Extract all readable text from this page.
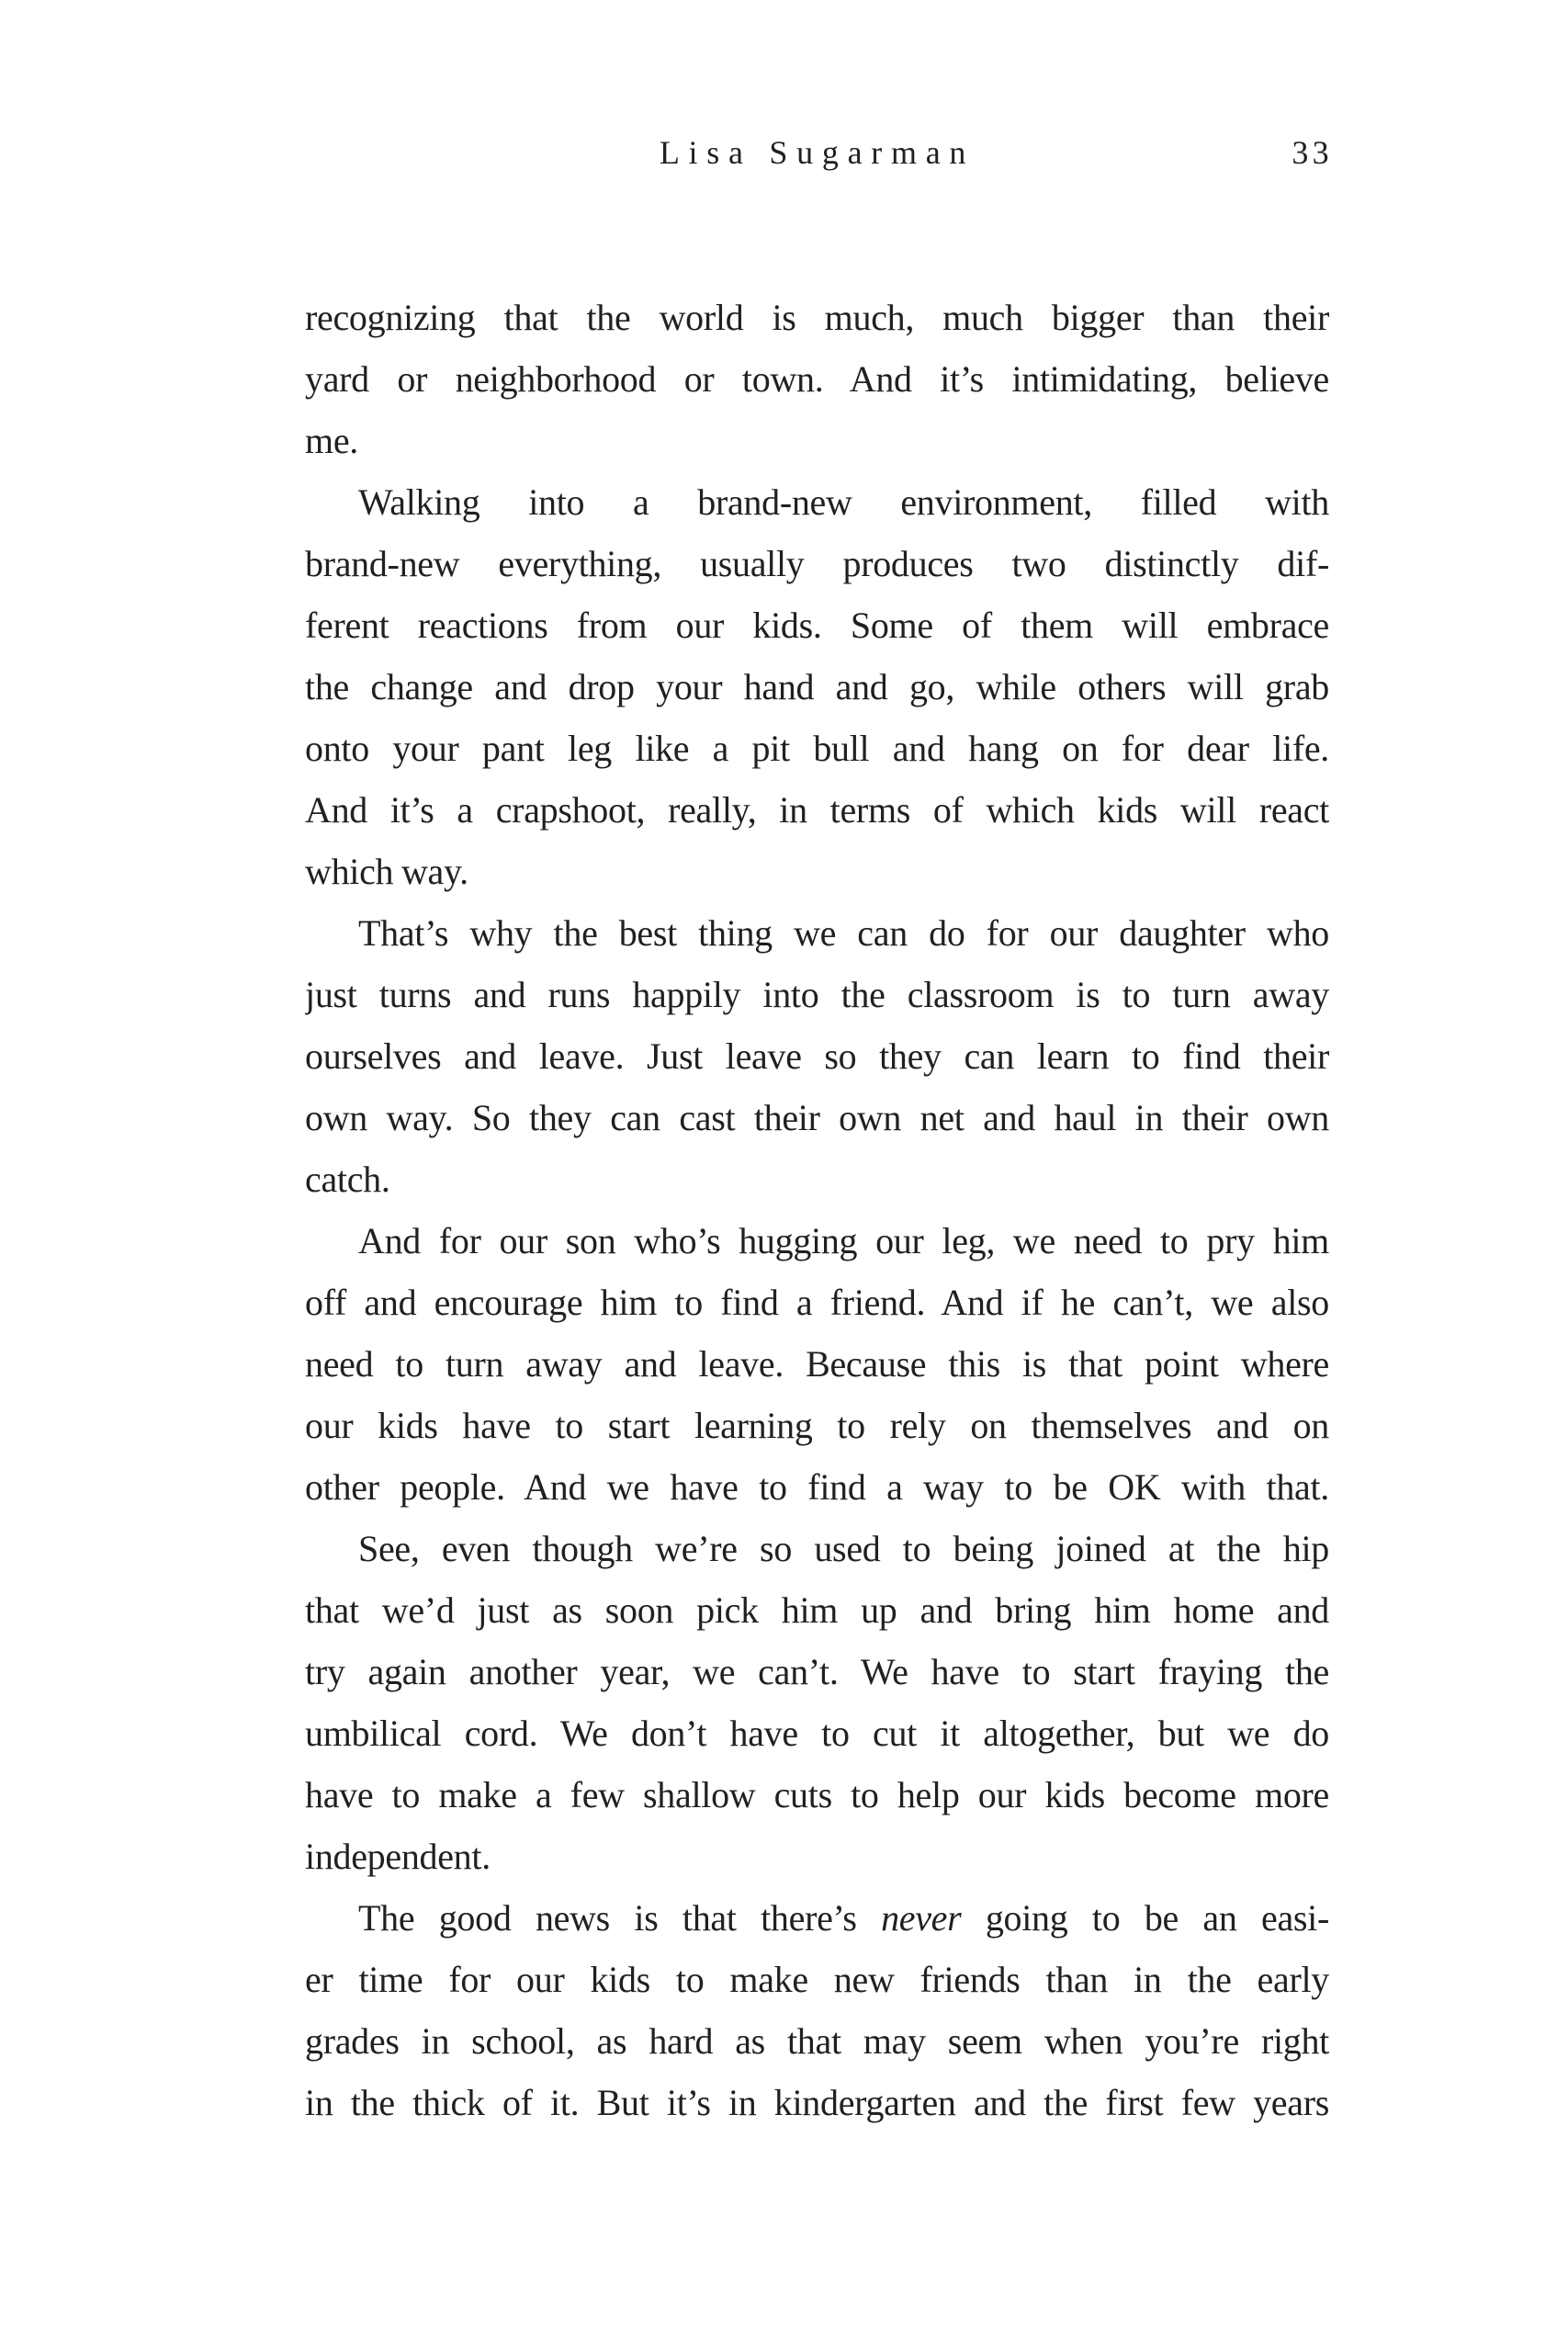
Lisa Sugarman	33
recognizing that the world is much, much bigger than their
yard or neighborhood or town. And it’s intimidating, believe
me.
Walking into a brand-new environment, filled with
brand-new everything, usually produces two distinctly dif-
ferent reactions from our kids. Some of them will embrace
the change and drop your hand and go, while others will grab
onto your pant leg like a pit bull and hang on for dear life.
And it’s a crapshoot, really, in terms of which kids will react
which way.
That’s why the best thing we can do for our daughter who
just turns and runs happily into the classroom is to turn away
ourselves and leave. Just leave so they can learn to find their
own way. So they can cast their own net and haul in their own
catch.
And for our son who’s hugging our leg, we need to pry him
off and encourage him to find a friend. And if he can’t, we also
need to turn away and leave. Because this is that point where
our kids have to start learning to rely on themselves and on
other people. And we have to find a way to be OK with that.
See, even though we’re so used to being joined at the hip
that we’d just as soon pick him up and bring him home and
try again another year, we can’t. We have to start fraying the
umbilical cord. We don’t have to cut it altogether, but we do
have to make a few shallow cuts to help our kids become more
independent.
The good news is that there’s never going to be an easi-
er time for our kids to make new friends than in the early
grades in school, as hard as that may seem when you’re right
in the thick of it. But it’s in kindergarten and the first few years
